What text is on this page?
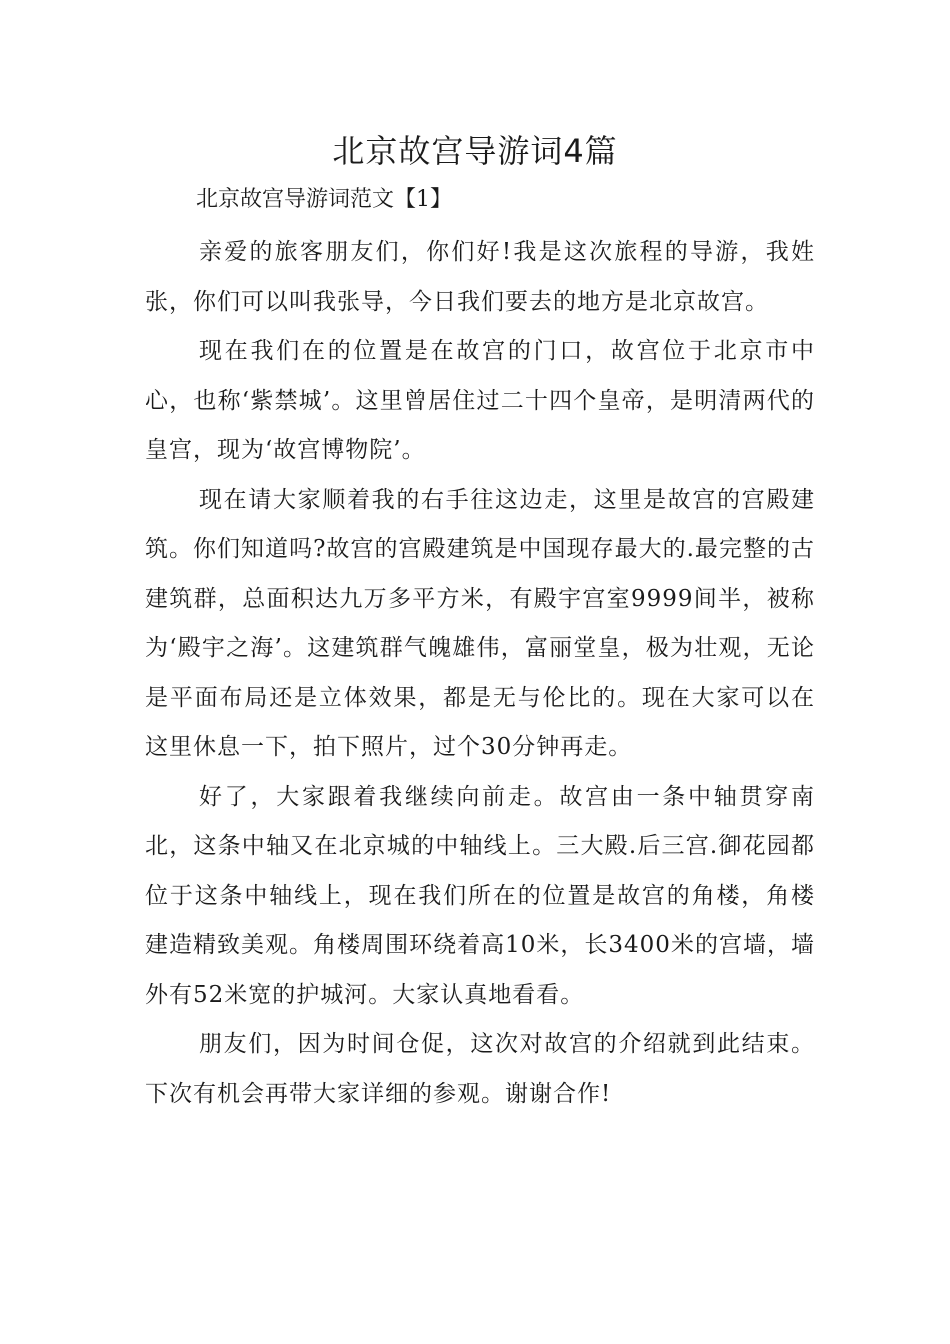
北京故宫导游词4篇

北京故宫导游词范文【1】

亲爱的旅客朋友们，你们好!我是这次旅程的导游，我姓张，你们可以叫我张导，今日我们要去的地方是北京故宫。

现在我们在的位置是在故宫的门口，故宫位于北京市中心，也称‘紫禁城’。这里曾居住过二十四个皇帝，是明清两代的皇宫，现为‘故宫博物院’。

现在请大家顺着我的右手往这边走，这里是故宫的宫殿建筑。你们知道吗?故宫的宫殿建筑是中国现存最大的.最完整的古建筑群，总面积达九万多平方米，有殿宇宫室9999间半，被称为‘殿宇之海’。这建筑群气魄雄伟，富丽堂皇，极为壮观，无论是平面布局还是立体效果，都是无与伦比的。现在大家可以在这里休息一下，拍下照片，过个30分钟再走。

好了，大家跟着我继续向前走。故宫由一条中轴贯穿南北，这条中轴又在北京城的中轴线上。三大殿.后三宫.御花园都位于这条中轴线上，现在我们所在的位置是故宫的角楼，角楼建造精致美观。角楼周围环绕着高10米，长3400米的宫墙，墙外有52米宽的护城河。大家认真地看看。

朋友们，因为时间仓促，这次对故宫的介绍就到此结束。下次有机会再带大家详细的参观。谢谢合作!
